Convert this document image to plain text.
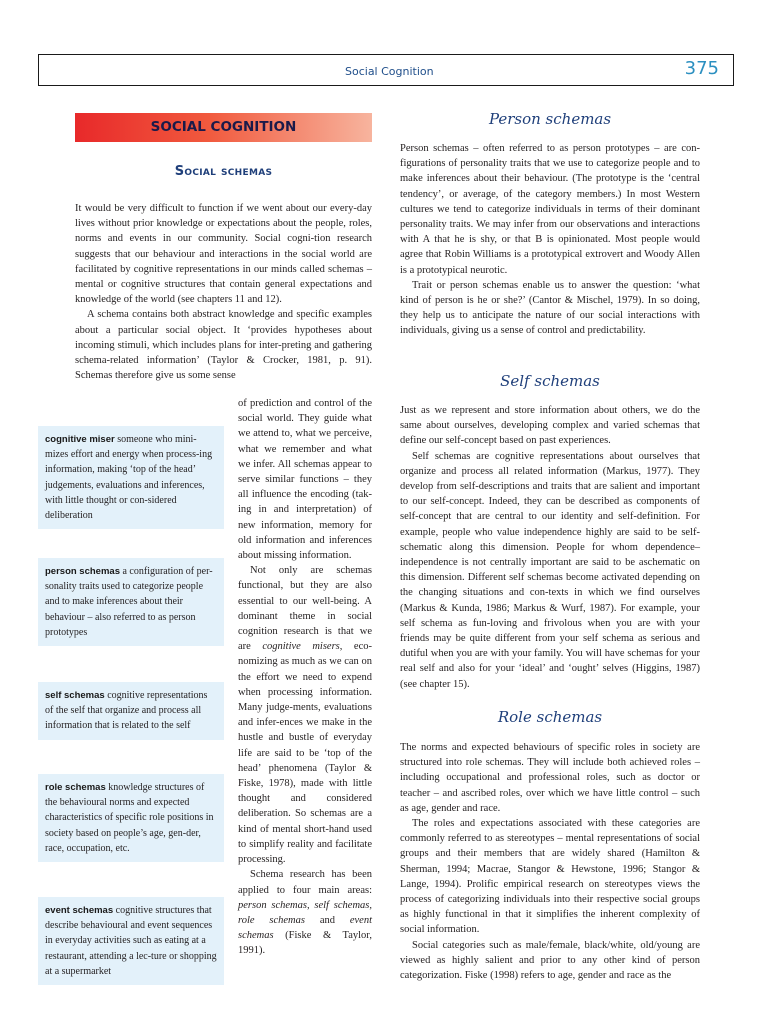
Social Cognition	375
SOCIAL COGNITION
Social schemas

It would be very difficult to function if we went about our every-day lives without prior knowledge or expectations about the people, roles, norms and events in our community. Social cogni-tion research suggests that our behaviour and interactions in the social world are facilitated by cognitive representations in our minds called schemas – mental or cognitive structures that contain general expectations and knowledge of the world (see chapters 11 and 12).

A schema contains both abstract knowledge and specific examples about a particular social object. It ‘provides hypotheses about incoming stimuli, which includes plans for inter-preting and gathering schema-related information’ (Taylor & Crocker, 1981, p. 91). Schemas therefore give us some sense

of prediction and control of the social world. They guide what we attend to, what we perceive, what we remember and what we infer. All schemas appear to serve similar functions – they all influence the encoding (tak-ing in and interpretation) of new information, memory for old information and inferences about missing information.

Not only are schemas functional, but they are also essential to our well-being. A dominant theme in social cognition research is that we are cognitive misers, eco-nomizing as much as we can on the effort we need to expend when processing information. Many judge-ments, evaluations and infer-ences we make in the hustle and bustle of everyday life are said to be ‘top of the head’ phenomena (Taylor & Fiske, 1978), made with little thought and considered deliberation. So schemas are a kind of mental short-hand used to simplify reality and facilitate processing.

Schema research has been applied to four main areas: person schemas, self schemas, role schemas and event schemas (Fiske & Taylor, 1991).

cognitive miser someone who mini-mizes effort and energy when process-ing information, making ‘top of the head’ judgements, evaluations and inferences, with little thought or con-sidered deliberation
person schemas a configuration of per-sonality traits used to categorize people and to make inferences about their behaviour – also referred to as person prototypes
self schemas cognitive representations of the self that organize and process all information that is related to the self
role schemas knowledge structures of the behavioural norms and expected characteristics of specific role positions in society based on people’s age, gen-der, race, occupation, etc.
event schemas cognitive structures that describe behavioural and event sequences in everyday activities such as eating at a restaurant, attending a lec-ture or shopping at a supermarket
Person schemas

Person schemas – often referred to as person prototypes – are con-figurations of personality traits that we use to categorize people and to make inferences about their behaviour. (The prototype is the ‘central tendency’, or average, of the category members.) In most Western cultures we tend to categorize individuals in terms of their dominant personality traits. We may infer from our observations and interactions with A that he is shy, or that B is opinionated. Most people would agree that Robin Williams is a prototypical extrovert and Woody Allen is a prototypical neurotic.

Trait or person schemas enable us to answer the question: ‘what kind of person is he or she?’ (Cantor & Mischel, 1979). In so doing, they help us to anticipate the nature of our social interactions with individuals, giving us a sense of control and predictability.

Self schemas

Just as we represent and store information about others, we do the same about ourselves, developing complex and varied schemas that define our self-concept based on past experiences.

Self schemas are cognitive representations about ourselves that organize and process all related information (Markus, 1977). They develop from self-descriptions and traits that are salient and important to our self-concept. Indeed, they can be described as components of self-concept that are central to our identity and self-definition. For example, people who value independence highly are said to be self-schematic along this dimension. People for whom dependence–independence is not centrally important are said to be aschematic on this dimension. Different self schemas become activated depending on the changing situations and con-texts in which we find ourselves (Markus & Kunda, 1986; Markus & Wurf, 1987). For example, your self schema as fun-loving and frivolous when you are with your friends may be quite different from your self schema as serious and dutiful when you are with your family. You will have schemas for your real self and also for your ‘ideal’ and ‘ought’ selves (Higgins, 1987) (see chapter 15).

Role schemas

The norms and expected behaviours of specific roles in society are structured into role schemas. They will include both achieved roles – including occupational and professional roles, such as doctor or teacher – and ascribed roles, over which we have little control – such as age, gender and race.

The roles and expectations associated with these categories are commonly referred to as stereotypes – mental representations of social groups and their members that are widely shared (Hamilton & Sherman, 1994; Macrae, Stangor & Hewstone, 1996; Stangor & Lange, 1994). Prolific empirical research on stereotypes views the process of categorizing individuals into their respective social groups as highly functional in that it simplifies the inherent complexity of social information.

Social categories such as male/female, black/white, old/young are viewed as highly salient and prior to any other kind of person categorization. Fiske (1998) refers to age, gender and race as the
